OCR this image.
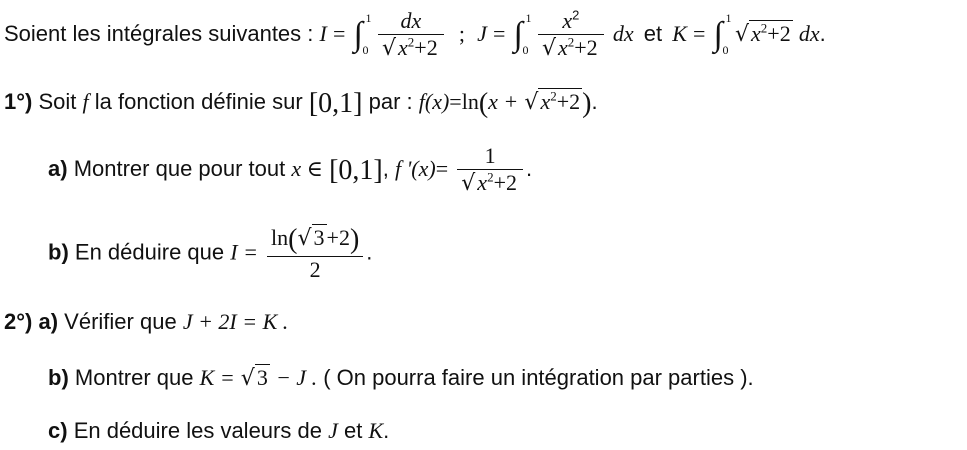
Soient les intégrales suivantes : I = ∫ 1
0
$\frac{dx}{√x^2+2}$ ; J = ∫ 1
0
$\frac{x^2}{√x^2+2}$ dx et K = ∫ 1
0
$√x^2+2$ dx.
1°) Soit f la fonction définie sur [0,1] par : $f(x)=\ln(x + √x^2+2)$.
a) Montrer que pour tout x ∈ [0,1], f '$(x)= \frac{1}{√x^2+2}$ .
b) En déduire que $I = \frac{\ln(√3+2)}{2}$ .
2°) a) Vérifier que J + 2I = K .
b) Montrer que K = √3 − J . ( On pourra faire un intégration par parties ).
c) En déduire les valeurs de J et K.
